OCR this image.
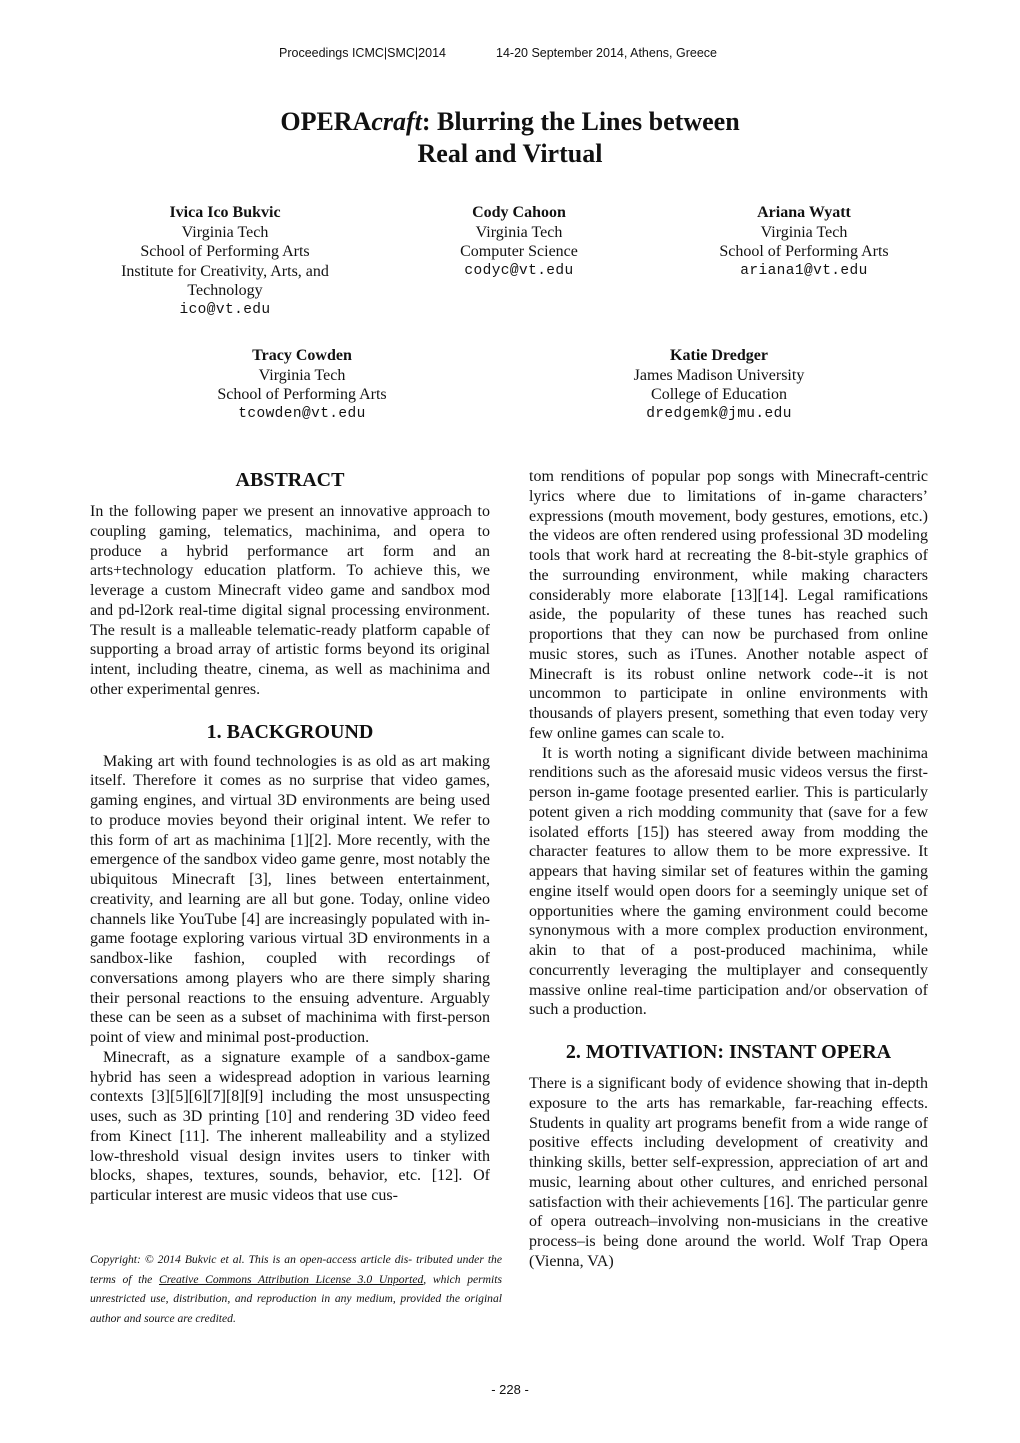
Proceedings ICMC|SMC|2014	14-20 September 2014, Athens, Greece
OPERAcraft: Blurring the Lines between
Real and Virtual
Ivica Ico Bukvic
Virginia Tech
School of Performing Arts
Institute for Creativity, Arts, and
Technology
ico@vt.edu
Cody Cahoon
Virginia Tech
Computer Science
codyc@vt.edu
Ariana Wyatt
Virginia Tech
School of Performing Arts
ariana1@vt.edu
Tracy Cowden
Virginia Tech
School of Performing Arts
tcowden@vt.edu
Katie Dredger
James Madison University
College of Education
dredgemk@jmu.edu
ABSTRACT

In the following paper we present an innovative approach to coupling gaming, telematics, machinima, and opera to produce a hybrid performance art form and an arts+technology education platform. To achieve this, we leverage a custom Minecraft video game and sandbox mod and pd-l2ork real-time digital signal processing environment. The result is a malleable telematic-ready platform capable of supporting a broad array of artistic forms beyond its original intent, including theatre, cinema, as well as machinima and other experimental genres.

1. BACKGROUND

Making art with found technologies is as old as art making itself. Therefore it comes as no surprise that video games, gaming engines, and virtual 3D environments are being used to produce movies beyond their original intent. We refer to this form of art as machinima [1][2]. More recently, with the emergence of the sandbox video game genre, most notably the ubiquitous Minecraft [3], lines between entertainment, creativity, and learning are all but gone. Today, online video channels like YouTube [4] are increasingly populated with in-game footage exploring various virtual 3D environments in a sandbox-like fashion, coupled with recordings of conversations among players who are there simply sharing their personal reactions to the ensuing adventure. Arguably these can be seen as a subset of machinima with first-person point of view and minimal post-production.

Minecraft, as a signature example of a sandbox-game hybrid has seen a widespread adoption in various learning contexts [3][5][6][7][8][9] including the most unsuspecting uses, such as 3D printing [10] and rendering 3D video feed from Kinect [11]. The inherent malleability and a stylized low-threshold visual design invites users to tinker with blocks, shapes, textures, sounds, behavior, etc. [12]. Of particular interest are music videos that use cus-

Copyright: © 2014 Bukvic et al. This is an open-access article dis- tributed under the terms of the Creative Commons Attribution License 3.0 Unported, which permits unrestricted use, distribution, and reproduction in any medium, provided the original author and source are credited.

tom renditions of popular pop songs with Minecraft-centric lyrics where due to limitations of in-game characters’ expressions (mouth movement, body gestures, emotions, etc.) the videos are often rendered using professional 3D modeling tools that work hard at recreating the 8-bit-style graphics of the surrounding environment, while making characters considerably more elaborate [13][14]. Legal ramifications aside, the popularity of these tunes has reached such proportions that they can now be purchased from online music stores, such as iTunes. Another notable aspect of Minecraft is its robust online network code--it is not uncommon to participate in online environments with thousands of players present, something that even today very few online games can scale to.

It is worth noting a significant divide between machinima renditions such as the aforesaid music videos versus the first-person in-game footage presented earlier. This is particularly potent given a rich modding community that (save for a few isolated efforts [15]) has steered away from modding the character features to allow them to be more expressive. It appears that having similar set of features within the gaming engine itself would open doors for a seemingly unique set of opportunities where the gaming environment could become synonymous with a more complex production environment, akin to that of a post-produced machinima, while concurrently leveraging the multiplayer and consequently massive online real-time participation and/or observation of such a production.

2. MOTIVATION: INSTANT OPERA

There is a significant body of evidence showing that in-depth exposure to the arts has remarkable, far-reaching effects. Students in quality art programs benefit from a wide range of positive effects including development of creativity and thinking skills, better self-expression, appreciation of art and music, learning about other cultures, and enriched personal satisfaction with their achievements [16]. The particular genre of opera outreach–involving non-musicians in the creative process–is being done around the world. Wolf Trap Opera (Vienna, VA)

- 228 -
